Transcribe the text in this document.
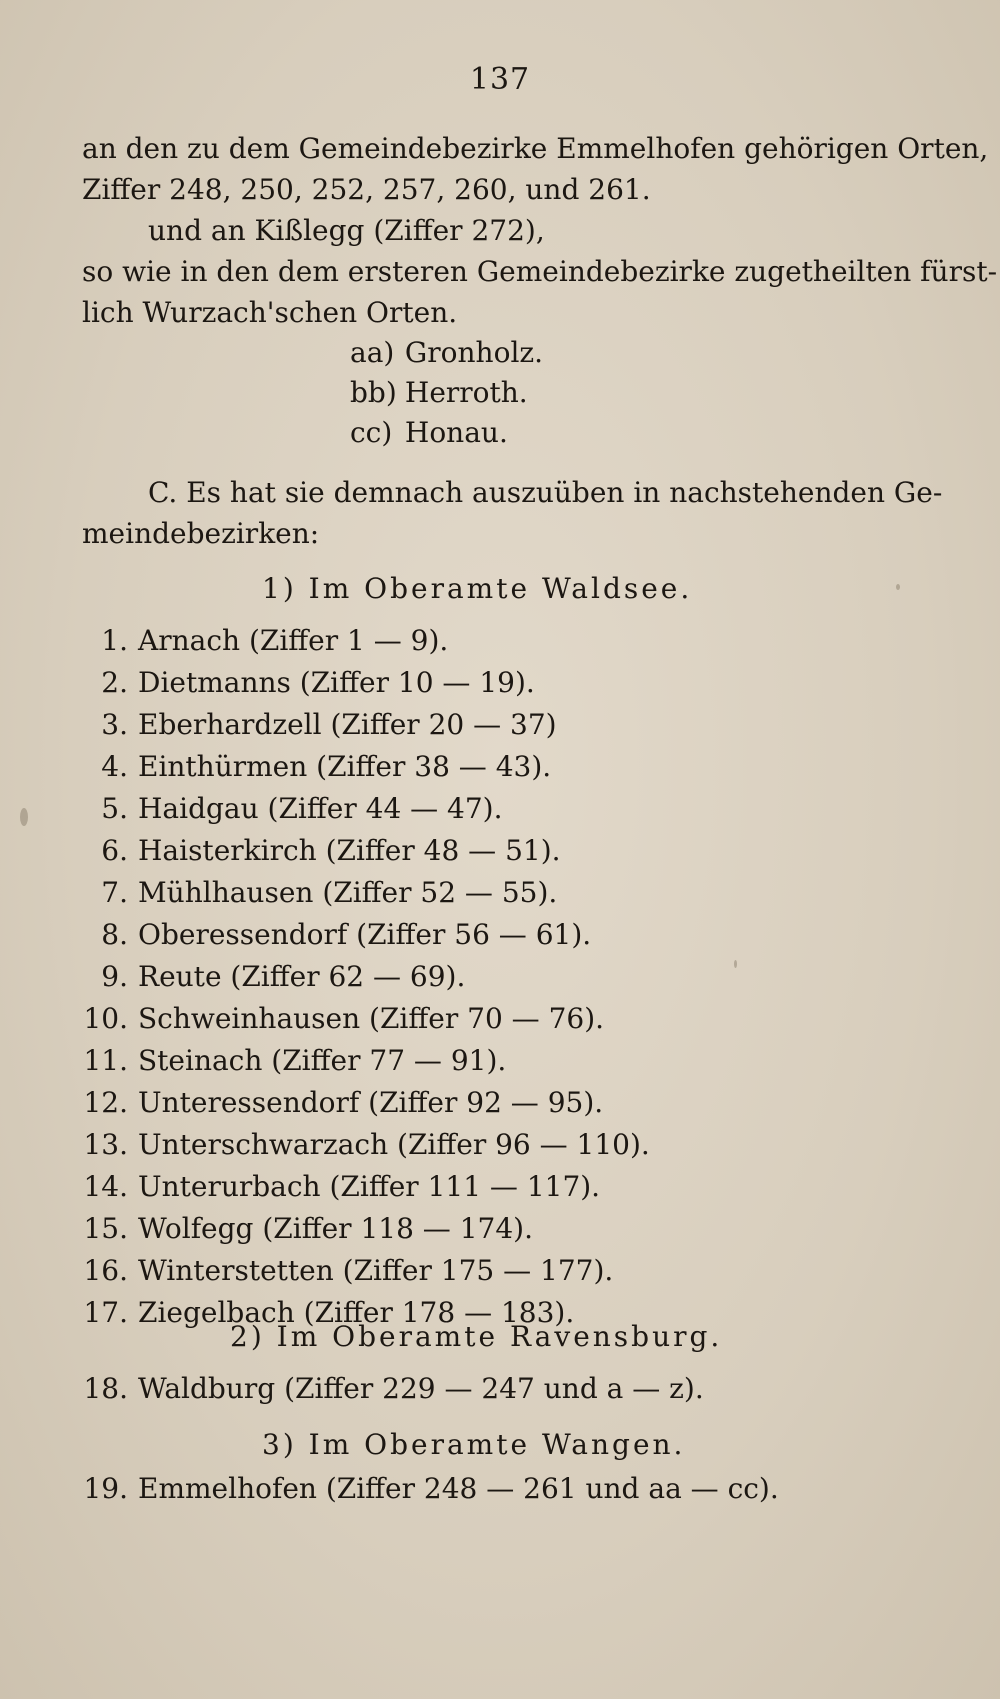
137
an den zu dem Gemeindebezirke Emmelhofen gehörigen Orten,
Ziffer 248, 250, 252, 257, 260, und 261.
und an Kißlegg (Ziffer 272),
so wie in den dem ersteren Gemeindebezirke zugetheilten fürst-
lich Wurzach'schen Orten.
aa) Gronholz.
bb) Herroth.
cc) Honau.
C. Es hat sie demnach auszuüben in nachstehenden Ge-
meindebezirken:
1) Im Oberamte Waldsee.
1. Arnach (Ziffer 1 — 9).
2. Dietmanns (Ziffer 10 — 19).
3. Eberhardzell (Ziffer 20 — 37)
4. Einthürmen (Ziffer 38 — 43).
5. Haidgau (Ziffer 44 — 47).
6. Haisterkirch (Ziffer 48 — 51).
7. Mühlhausen (Ziffer 52 — 55).
8. Oberessendorf (Ziffer 56 — 61).
9. Reute (Ziffer 62 — 69).
10. Schweinhausen (Ziffer 70 — 76).
11. Steinach (Ziffer 77 — 91).
12. Unteressendorf (Ziffer 92 — 95).
13. Unterschwarzach (Ziffer 96 — 110).
14. Unterurbach (Ziffer 111 — 117).
15. Wolfegg (Ziffer 118 — 174).
16. Winterstetten (Ziffer 175 — 177).
17. Ziegelbach (Ziffer 178 — 183).
2) Im Oberamte Ravensburg.
18. Waldburg (Ziffer 229 — 247 und a — z).
3) Im Oberamte Wangen.
19. Emmelhofen (Ziffer 248 — 261 und aa — cc).
